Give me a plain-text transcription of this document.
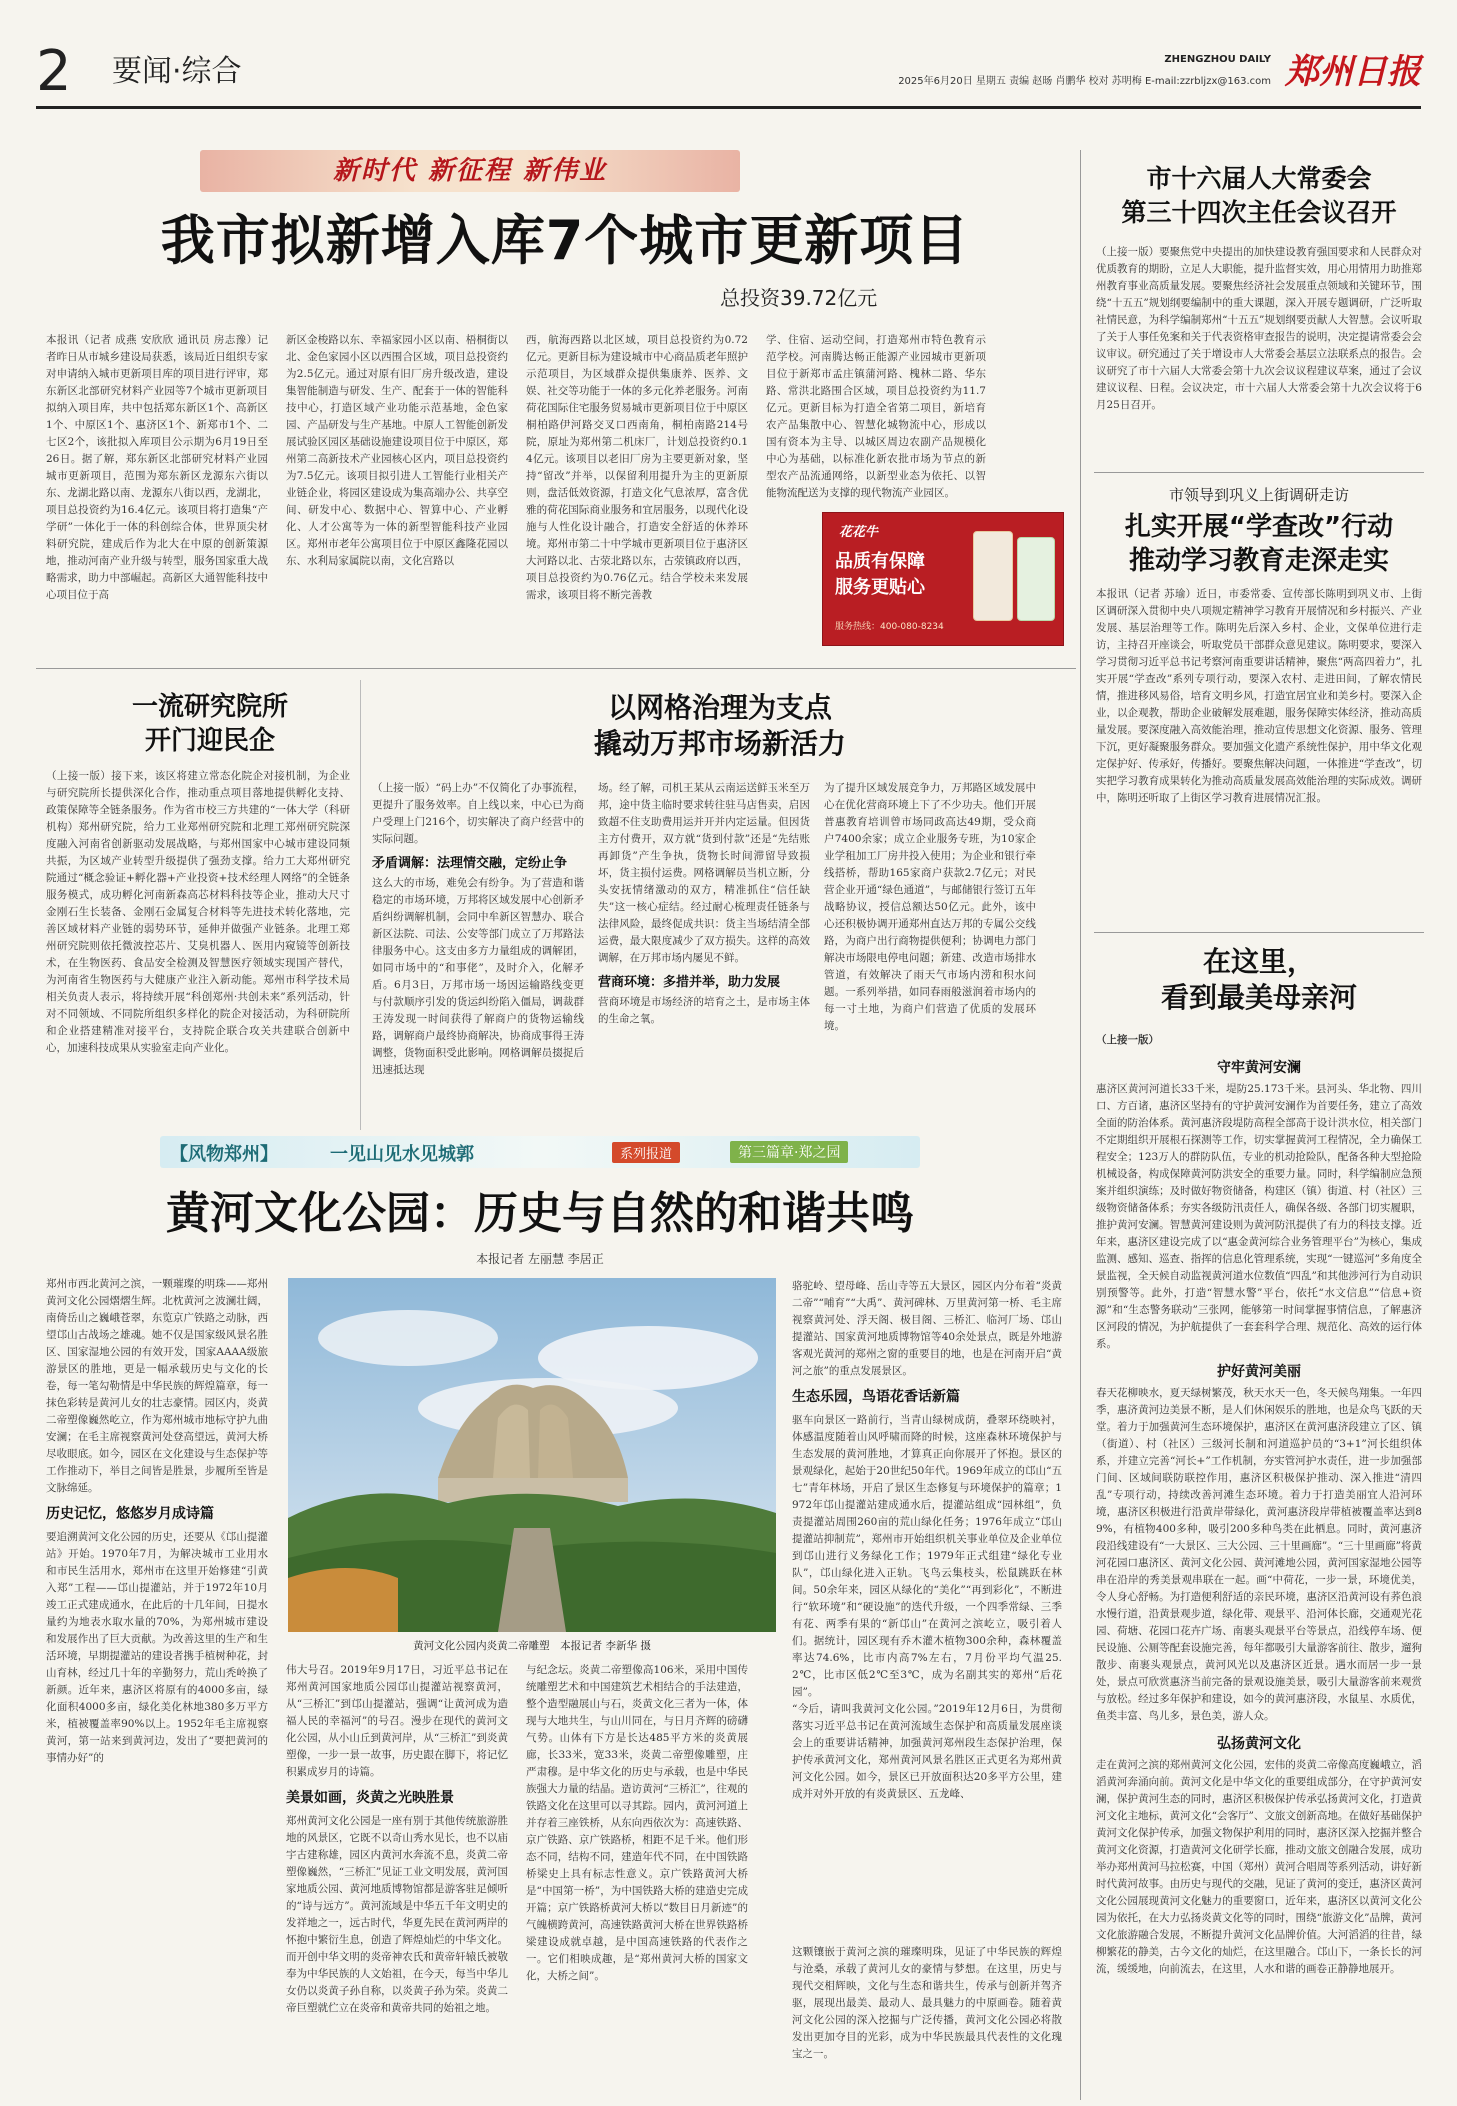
2	要闻·综合	ZHENGZHOU DAILY 郑州日报
2025年6月20日 星期五 责编 赵旸 肖鹏华 校对 苏明梅 E-mail:zzrbljzx@163.com
新时代 新征程 新伟业
我市拟新增入库7个城市更新项目
总投资39.72亿元
本报讯（记者 成燕 安欣欣 通讯员 房志豫）记者昨日从市城乡建设局获悉，该局近日组织专家对申请纳入城市更新项目库的项目进行评审，郑东新区北部研究材料产业园等7个城市更新项目拟纳入项目库，共中包括郑东新区1个、高新区1个、中原区1个、惠济区1个、新郑市1个、二七区2个，该批拟入库项目公示期为6月19日至26日。据了解，郑东新区北部研究材料产业园城市更新项目，范围为郑东新区龙源东六街以东、龙湖北路以南、龙源东八街以西，龙湖北，项目总投资约为16.4亿元。该项目将打造集“产学研”一体化于一体的科创综合体，世界顶尖材料研究院，建成后作为北大在中原的创新策源地，推动河南产业升级与转型，服务国家重大战略需求，助力中部崛起。高新区大通智能科技中心项目位于高
新区金梭路以东、幸福家园小区以南、梧桐街以北、金色家园小区以西围合区域，项目总投资约为2.5亿元。通过对原有旧厂房升级改造，建设集智能制造与研发、生产、配套于一体的智能科技中心，打造区域产业功能示范基地，金色家园、产品研发与生产基地。中原人工智能创新发展试验区园区基础设施建设项目位于中原区，郑州第二高新技术产业园核心区内，项目总投资约为7.5亿元。该项目拟引进人工智能行业相关产业链企业，将园区建设成为集高端办公、共享空间、研发中心、数据中心、智算中心、产业孵化、人才公寓等为一体的新型智能科技产业园区。郑州市老年公寓项目位于中原区鑫隆花园以东、水利局家属院以南，文化宫路以
西，航海西路以北区域，项目总投资约为0.72亿元。更新目标为建设城市中心商品质老年照护示范项目，为区域群众提供集康养、医养、文娱、社交等功能于一体的多元化养老服务。河南荷花国际住宅服务贸易城市更新项目位于中原区桐柏路伊河路交叉口西南角，桐柏南路214号院，原址为郑州第二机床厂，计划总投资约0.14亿元。该项目以老旧厂房为主要更新对象，坚持“留改”并举，以保留利用提升为主的更新原则，盘活低效资源，打造文化气息浓厚，富含优雅的荷花国际商业服务和宜居服务，以现代化设施与人性化设计融合，打造安全舒适的休养环境。郑州市第二十中学城市更新项目位于惠济区大河路以北、古荥北路以东，古荥镇政府以西，项目总投资约为0.76亿元。结合学校未来发展需求，该项目将不断完善教
学、住宿、运动空间，打造郑州市特色教育示范学校。河南腾达畅正能源产业园城市更新项目位于新郑市孟庄镇蒲河路、槐林二路、华东路、常洪北路围合区域，项目总投资约为11.7亿元。更新目标为打造全省第二项目，新培育农产品集散中心、智慧化城物流中心，形成以国有资本为主导、以城区周边农副产品规模化中心为基础，以标准化新农批市场为节点的新型农产品流通网络，以新型业态为依托、以智能物流配送为支撑的现代物流产业园区。
花花牛
品质有保障
服务更贴心
服务热线：400-080-8234
市十六届人大常委会
第三十四次主任会议召开
（上接一版）要聚焦党中央提出的加快建设教育强国要求和人民群众对优质教育的期盼，立足人大职能，提升监督实效，用心用情用力助推郑州教育事业高质量发展。要聚焦经济社会发展重点领域和关键环节，围绕“十五五”规划纲要编制中的重大课题，深入开展专题调研，广泛听取社情民意，为科学编制郑州“十五五”规划纲要贡献人大智慧。会议听取了关于人事任免案和关于代表资格审查报告的说明，决定提请常委会会议审议。研究通过了关于增设市人大常委会基层立法联系点的报告。会议研究了市十六届人大常委会第十九次会议议程建议草案，通过了会议建议议程、日程。会议决定，市十六届人大常委会第十九次会议将于6月25日召开。
市领导到巩义上街调研走访
扎实开展“学查改”行动
推动学习教育走深走实
本报讯（记者 苏瑜）近日，市委常委、宣传部长陈明到巩义市、上街区调研深入贯彻中央八项规定精神学习教育开展情况和乡村振兴、产业发展、基层治理等工作。陈明先后深入乡村、企业，文保单位进行走访，主持召开座谈会，听取党员干部群众意见建议。陈明要求，要深入学习贯彻习近平总书记考察河南重要讲话精神，聚焦“两高四着力”，扎实开展“学查改”系列专项行动，要深入农村、走进田间，了解农情民情，推进移风易俗，培育文明乡风，打造宜居宜业和美乡村。要深入企业，以企观教，帮助企业破解发展难题，服务保障实体经济，推动高质量发展。要深度融入高效能治理，推动宣传思想文化资源、服务、管理下沉，更好凝聚服务群众。要加强文化遗产系统性保护，用中华文化观定保护好、传承好，传播好。要聚焦解决问题，一体推进“学查改”，切实把学习教育成果转化为推动高质量发展高效能治理的实际成效。调研中，陈明还听取了上街区学习教育进展情况汇报。
一流研究院所
开门迎民企
（上接一版）接下来，该区将建立常态化院企对接机制，为企业与研究院所长提供深化合作，推动重点项目落地提供孵化支持、政策保障等全链条服务。作为省市校三方共建的“一体大学（科研机构）郑州研究院，给力工业郑州研究院和北理工郑州研究院深度融入河南省创新驱动发展战略，与郑州国家中心城市建设同频共振，为区域产业转型升级提供了强劲支撑。给力工大郑州研究院通过“概念验证+孵化器+产业投资+技术经理人网络”的全链条服务模式，成功孵化河南新森高芯材料科技等企业，推动大尺寸金刚石生长装备、金刚石金属复合材料等先进技术转化落地，完善区域材料产业链的弱势环节，延伸并做强产业链条。北理工郑州研究院则依托微波控芯片、艾臭机器人、医用内窥镜等创新技术，在生物医药、食品安全检测及智慧医疗领域实现国产替代，为河南省生物医药与大健康产业注入新动能。郑州市科学技术局相关负责人表示，将持续开展“科创郑州·共创未来”系列活动，针对不同领域、不同院所组织多样化的院企对接活动，为科研院所和企业搭建精准对接平台，支持院企联合攻关共建联合创新中心，加速科技成果从实验室走向产业化。
以网格治理为支点
撬动万邦市场新活力
（上接一版）“码上办”不仅简化了办事流程，更提升了服务效率。自上线以来，中心已为商户受理上门216个，切实解决了商户经营中的实际问题。
矛盾调解：法理情交融，定纷止争
这么大的市场，难免会有纷争。为了营造和谐稳定的市场环境，万邦将区域发展中心创新矛盾纠纷调解机制，会同中牟新区智慧办、联合新区法院、司法、公安等部门成立了万邦路法律服务中心。这支由多方力量组成的调解团，如同市场中的“和事佬”，及时介入，化解矛盾。6月3日，万邦市场一场因运输路线变更与付款顺序引发的货运纠纷陷入僵局，调裁群王涛发现一时间获得了解商户的货物运输线路，调解商户最终协商解决，协商成事得王涛调整，货物面积受此影响。网格调解员掇捉后迅速抵达现
场。经了解，司机王某从云南运送鲜玉米至万邦，途中货主临时要求转往驻马店售卖，启因致超不住支助费用运并开并内定运量。但因货主方付费开，双方就“货到付款”还是“先结账再卸货”产生争执，货物长时间滞留导致损坏，货主损付运费。网格调解员当机立断，分头安抚情绪激动的双方，精准抓住“信任缺失”这一核心症结。经过耐心梳理责任链条与法律风险，最终促成共识：货主当场结清全部运费，最大限度减少了双方损失。这样的高效调解，在万邦市场内屡见不鲜。
营商环境：多措并举，助力发展
营商环境是市场经济的培育之土，是市场主体的生命之氧。
为了提升区域发展竞争力，万邦路区域发展中心在优化营商环境上下了不少功夫。他们开展普惠教育培训曾市场同政高达49期，受众商户7400余家；成立企业服务专班，为10家企业学租加工厂房井投入使用；为企业和银行牵线搭桥，帮助165家商户获款2.7亿元；对民营企业开通“绿色通道”，与邮储银行签订五年战略协议，授信总额达50亿元。此外，该中心还积极协调开通郑州直达万邦的专属公交线路，为商户出行商物提供便利；协调电力部门解决市场限电停电问题；新建、改造市场排水管道，有效解决了雨天气市场内涝和积水问题。一系列举措，如同春雨般滋润着市场内的每一寸土地，为商户们营造了优质的发展环境。
【风物郑州】	一见山见水见城郭	系列报道	第三篇章·郑之园
黄河文化公园：历史与自然的和谐共鸣
本报记者 左丽慧 李居正
郑州市西北黄河之滨，一颗璀璨的明珠——郑州黄河文化公园熠熠生辉。北枕黄河之波澜壮阔，南倚岳山之巍峨苍翠，东览京广铁路之动脉，西望邙山古战场之雄魂。她不仅是国家级风景名胜区、国家湿地公园的有效开发，国家AAAA级旅游景区的胜地，更是一幅承载历史与文化的长卷，每一笔勾勒情是中华民族的辉煌篇章，每一抹色彩转是黄河儿女的壮志豪情。园区内，炎黄二帝塑像巍然屹立，作为郑州城市地标守护九曲安澜；在毛主席视察黄河处登高望远，黄河大桥尽收眼底。如今，园区在文化建设与生态保护等工作推动下，举目之间皆是胜景，步履所至皆是文脉绵延。
历史记忆，悠悠岁月成诗篇
要追溯黄河文化公园的历史，还要从《邙山提灌站》开始。1970年7月，为解决城市工业用水和市民生活用水，郑州市在这里开始修建“引黄入郑”工程——邙山提灌站，并于1972年10月竣工正式建成通水，在此后的十几年间，日提水量约为地表水取水量的70%，为郑州城市建设和发展作出了巨大贡献。为改善这里的生产和生活环境，早期提灌站的建设者携手植树种花，封山育林，经过几十年的辛勤努力，荒山秃岭换了新颜。近年来，惠济区将原有的4000多亩，绿化面积4000多亩，绿化美化林地380多万平方米，植被覆盖率90%以上。1952年毛主席视察黄河，第一站来到黄河边，发出了“要把黄河的事情办好”的
黄河文化公园内炎黄二帝雕塑　本报记者 李新华 摄
伟大号召。2019年9月17日，习近平总书记在郑州黄河国家地质公园邙山提灌站视察黄河，从“三桥汇”到邙山提灌站，强调“让黄河成为造福人民的幸福河”的号召。漫步在现代的黄河文化公园，从小山丘到黄河岸，从“三桥汇”到炎黄塑像，一步一景一故事，历史跟在脚下，将记忆积累成岁月的诗篇。
美景如画，炎黄之光映胜景
郑州黄河文化公园是一座有别于其他传统旅游胜地的风景区，它既不以奇山秀水见长，也不以庙宇古建称雄，园区内黄河水奔流不息，炎黄二帝塑像巍然，“三桥汇”见证工业文明发展，黄河国家地质公园、黄河地质博物馆都是游客驻足倾听的“诗与远方”。黄河流域是中华五千年文明史的发祥地之一，远古时代，华夏先民在黄河两岸的怀抱中繁衍生息，创造了辉煌灿烂的中华文化。而开创中华文明的炎帝神农氏和黄帝轩辕氏被敬奉为中华民族的人文始祖，在今天，每当中华儿女仍以炎黄子孙自称，以炎黄子孙为荣。炎黄二帝巨塑就伫立在炎帝和黄帝共同的始祖之地。
与纪念坛。炎黄二帝塑像高106米，采用中国传统雕塑艺术和中国建筑艺术相结合的手法建造，整个造型融展山与石，炎黄文化三者为一体，体现与大地共生，与山川同在，与日月齐辉的磅礴气势。山体有下方是长达485平方米的炎黄展廊，长33米，宽33米，炎黄二帝塑像雕塑，庄严肃穆。是中华文化的历史与承载，也是中华民族强大力量的结晶。造访黄河“三桥汇”，往观的铁路文化在这里可以寻其踪。园内，黄河河道上并存着三座铁桥，从东向西依次为：高速铁路、京广铁路、京广铁路桥，相距不足千米。他们形态不同，结构不同，建造年代不同，在中国铁路桥梁史上具有标志性意义。京广铁路黄河大桥是“中国第一桥”，为中国铁路大桥的建造史完成开篇；京广铁路桥黄河大桥以“数目日月新迹”的气魄横跨黄河，高速铁路黄河大桥在世界铁路桥梁建设成就卓越，是中国高速铁路的代表作之一。它们相映成趣，是“郑州黄河大桥的国家文化，大桥之间”。
骆驼岭、望母峰、岳山寺等五大景区，园区内分布着“炎黄二帝”“哺育”“大禹”、黄河碑林、万里黄河第一桥、毛主席视察黄河处、浮天阁、极目阁、三桥汇、临河厂场、邙山提灌站、国家黄河地质博物馆等40余处景点，既是外地游客观光黄河的郑州之窗的重要目的地，也是在河南开启“黄河之旅”的重点发展景区。
生态乐园，鸟语花香话新篇
驱车向景区一路前行，当青山绿树成荫，叠翠环绕映衬，体感温度随着山风呼啸而降的时候，这座森林环境保护与生态发展的黄河胜地，才算真正向你展开了怀抱。景区的景观绿化，起始于20世纪50年代。1969年成立的邙山“五七”青年林场，开启了景区生态修复与环境保护的篇章；1972年邙山提灌站建成通水后，提灌站组成“园林组”，负责提灌站周围260亩的荒山绿化任务；1976年成立“邙山提灌站抑制荒”，郑州市开始组织机关事业单位及企业单位到邙山进行义务绿化工作；1979年正式组建“绿化专业队”，邙山绿化进入正轨。飞鸟云集枝头，松鼠跳跃在林间。50余年来，园区从绿化的“美化”“再到彩化”，不断进行“软环境”和“硬设施”的迭代升级，一个四季常绿、三季有花、两季有果的“新邙山”在黄河之滨屹立，吸引着人们。据统计，园区现有乔木灌木植物300余种，森林覆盖率达74.6%，比市内高7%左右，7月份平均气温25.2℃，比市区低2℃至3℃，成为名副其实的郑州“后花园”。
“今后，请叫我黄河文化公园。”2019年12月6日，为贯彻落实习近平总书记在黄河流域生态保护和高质量发展座谈会上的重要讲话精神，加强黄河郑州段生态保护治理，保护传承黄河文化，郑州黄河风景名胜区正式更名为郑州黄河文化公园。如今，景区已开放面积达20多平方公里，建成并对外开放的有炎黄景区、五龙峰、
这颗镶嵌于黄河之滨的璀璨明珠，见证了中华民族的辉煌与沧桑，承载了黄河儿女的豪情与梦想。在这里，历史与现代交相辉映，文化与生态和谐共生，传承与创新并驾齐驱，展现出最美、最动人、最具魅力的中原画卷。随着黄河文化公园的深入挖掘与广泛传播，黄河文化公园必将散发出更加夺目的光彩，成为中华民族最具代表性的文化瑰宝之一。
在这里，
看到最美母亲河
（上接一版）
守牢黄河安澜
惠济区黄河河道长33千米，堤防25.173千米。县河头、华北物、四川口、方百诸，惠济区坚持有的守护黄河安澜作为首要任务，建立了高效全面的防治体系。黄河惠济段堤防高程全部高于设计洪水位，相关部门不定期组织开展根石探测等工作，切实掌握黄河工程情况，全力确保工程安全；123万人的群防队伍，专业的机动抢险队，配备各种大型抢险机械设备，构成保障黄河防洪安全的重要力量。同时，科学编制应急预案并组织演练；及时做好物资储备，构建区（镇）街道、村（社区）三级物资储备体系；夯实各级防汛责任人，确保各级、各部门切实履职，推护黄河安澜。智慧黄河建设则为黄河防汛提供了有力的科技支撑。近年来，惠济区建设完成了以“惠金黄河综合业务管理平台”为核心，集成监测、感知、巡查、指挥的信息化管理系统，实现“一键巡河”多角度全景监视，全天候自动监视黄河道水位数值“四乱”和其他涉河行为自动识别预警等。此外，打造“智慧水警”平台，依托“水文信息”“信息+资源”和“生态警务联动”三张网，能够第一时间掌握事情信息，了解惠济区河段的情况，为护航提供了一套套科学合理、规范化、高效的运行体系。
护好黄河美丽
春天花柳映水，夏天绿树繁茂，秋天水天一色，冬天候鸟翔集。一年四季，惠济黄河边美景不断，是人们休闲娱乐的胜地，也是众鸟飞跃的天堂。着力于加强黄河生态环境保护，惠济区在黄河惠济段建立了区、镇（街道）、村（社区）三级河长制和河道巡护员的“3+1”河长组织体系，并建立完善“河长+”工作机制，夯实管河护水责任，进一步加强部门间、区域间联防联控作用，惠济区积极保护推动、深入推进“清四乱”专项行动，持续改善河滩生态环境。着力于打造美丽宜人沿河环境，惠济区积极进行沿黄岸带绿化，黄河惠济段岸带植被覆盖率达到89%，有植物400多种，吸引200多种鸟类在此栖息。同时，黄河惠济段沿线建设有“一大景区、三大公园、三十里画廊”。“三十里画廊”将黄河花园口惠济区、黄河文化公园、黄河滩地公园，黄河国家湿地公园等串在沿岸的秀美景观串联在一起。画“中荷花，一步一景，环境优美，令人身心舒畅。为打造便利舒适的亲民环境，惠济区沿黄河设有荞色浪水慢行道，沿黄景观步道，绿化带、观景平、沿河体长廊，交通观光花园、荷塘、花园口花卉广场、南裹头观景平台等景点，沿线停车场、便民设施、公厕等配套设施完善，每年都吸引大量游客前往、散步，遛狗散步、南裹头观景点，黄河风光以及惠济区近景。遇水而居一步一景处，景点可欣赏惠济当前完备的景观设施美景，吸引大量游客前来观赏与放松。经过多年保护和建设，如今的黄河惠济段，水鼠星、水质优，鱼类丰富、鸟儿多，景色美，游人众。
弘扬黄河文化
走在黄河之滨的郑州黄河文化公园，宏伟的炎黄二帝像高度巍峨立，滔滔黄河奔涌向前。黄河文化是中华文化的重要组成部分，在守护黄河安澜，保护黄河生态的同时，惠济区积极保护传承弘扬黄河文化，打造黄河文化主地标，黄河文化“会客厅”、文旅文创新高地。在做好基础保护黄河文化保护传承，加强文物保护利用的同时，惠济区深入挖掘并整合黄河文化资源，打造黄河文化研学长廊，推动文旅文创融合发展，成功举办郑州黄河马拉松赛，中国（郑州）黄河合唱周等系列活动，讲好新时代黄河故事。由历史与现代的交融，见证了黄河的变迁，惠济区黄河文化公园展现黄河文化魅力的重要窗口，近年来，惠济区以黄河文化公园为依托，在大力弘扬炎黄文化等的同时，围绕“旅游文化”品牌，黄河文化旅游融合发展，不断提升黄河文化品牌价值。大河滔滔的往昔，绿柳繁花的静美，古今文化的灿烂，在这里融合。邙山下，一条长长的河流，缓缓地，向前流去，在这里，人水和谐的画卷正静静地展开。
